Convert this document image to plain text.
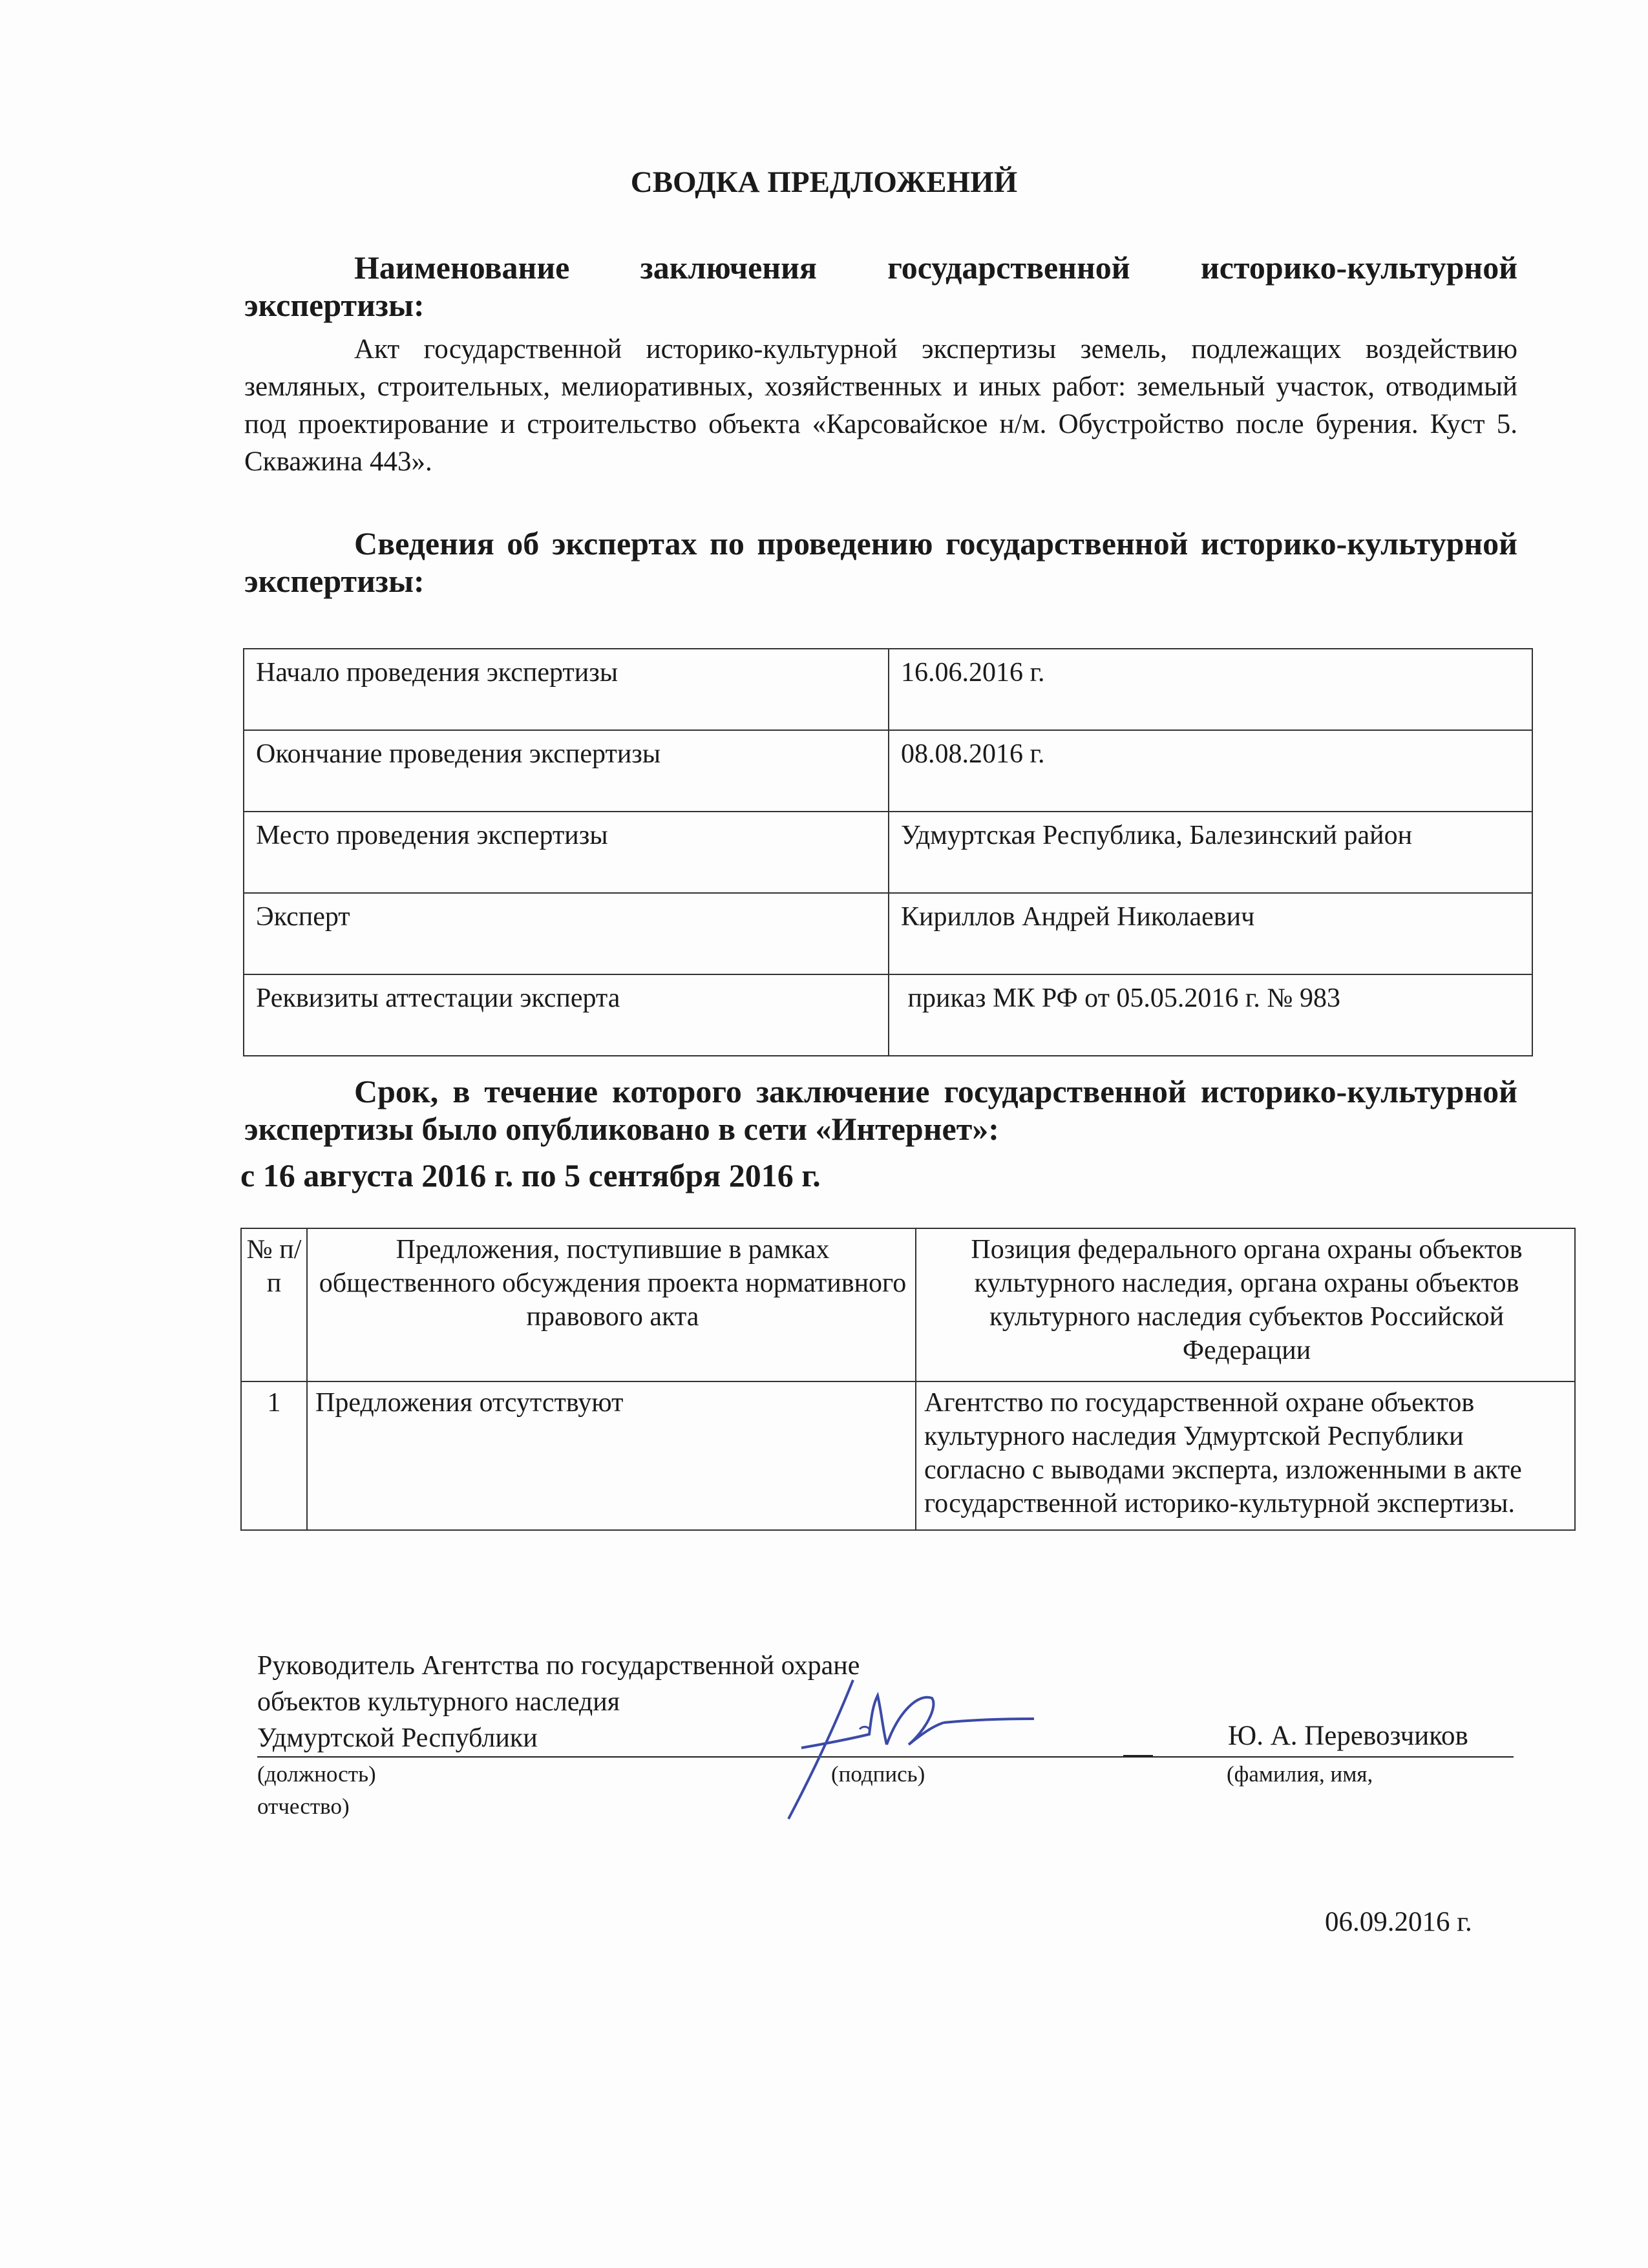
СВОДКА ПРЕДЛОЖЕНИЙ
Наименование заключения государственной историко-культурной экспертизы:
Акт государственной историко-культурной экспертизы земель, подлежащих воздействию земляных, строительных, мелиоративных, хозяйственных и иных работ: земельный участок, отводимый под проектирование и строительство объекта «Карсовайское н/м. Обустройство после бурения. Куст 5. Скважина 443».
Сведения об экспертах по проведению государственной историко-культурной экспертизы:
Начало проведения экспертизы	16.06.2016 г.
Окончание проведения экспертизы	08.08.2016 г.
Место проведения экспертизы	Удмуртская Республика, Балезинский район
Эксперт	Кириллов Андрей Николаевич
Реквизиты аттестации эксперта	приказ МК РФ от 05.05.2016 г. № 983
Срок, в течение которого заключение государственной историко-культурной экспертизы было опубликовано в сети «Интернет»:
с 16 августа 2016 г. по 5 сентября 2016 г.
№ п/п	Предложения, поступившие в рамках общественного обсуждения проекта нормативного правового акта	Позиция федерального органа охраны объектов культурного наследия, органа охраны объектов культурного наследия субъектов Российской Федерации
1	Предложения отсутствуют	Агентство по государственной охране объектов культурного наследия Удмуртской Республики согласно с выводами эксперта, изложенными в акте государственной историко-культурной экспертизы.
Руководитель Агентства по государственной охране
объектов культурного наследия
Удмуртской Республики	Ю. А. Перевозчиков
(должность)	(подпись)	(фамилия, имя,
отчество)
06.09.2016 г.
